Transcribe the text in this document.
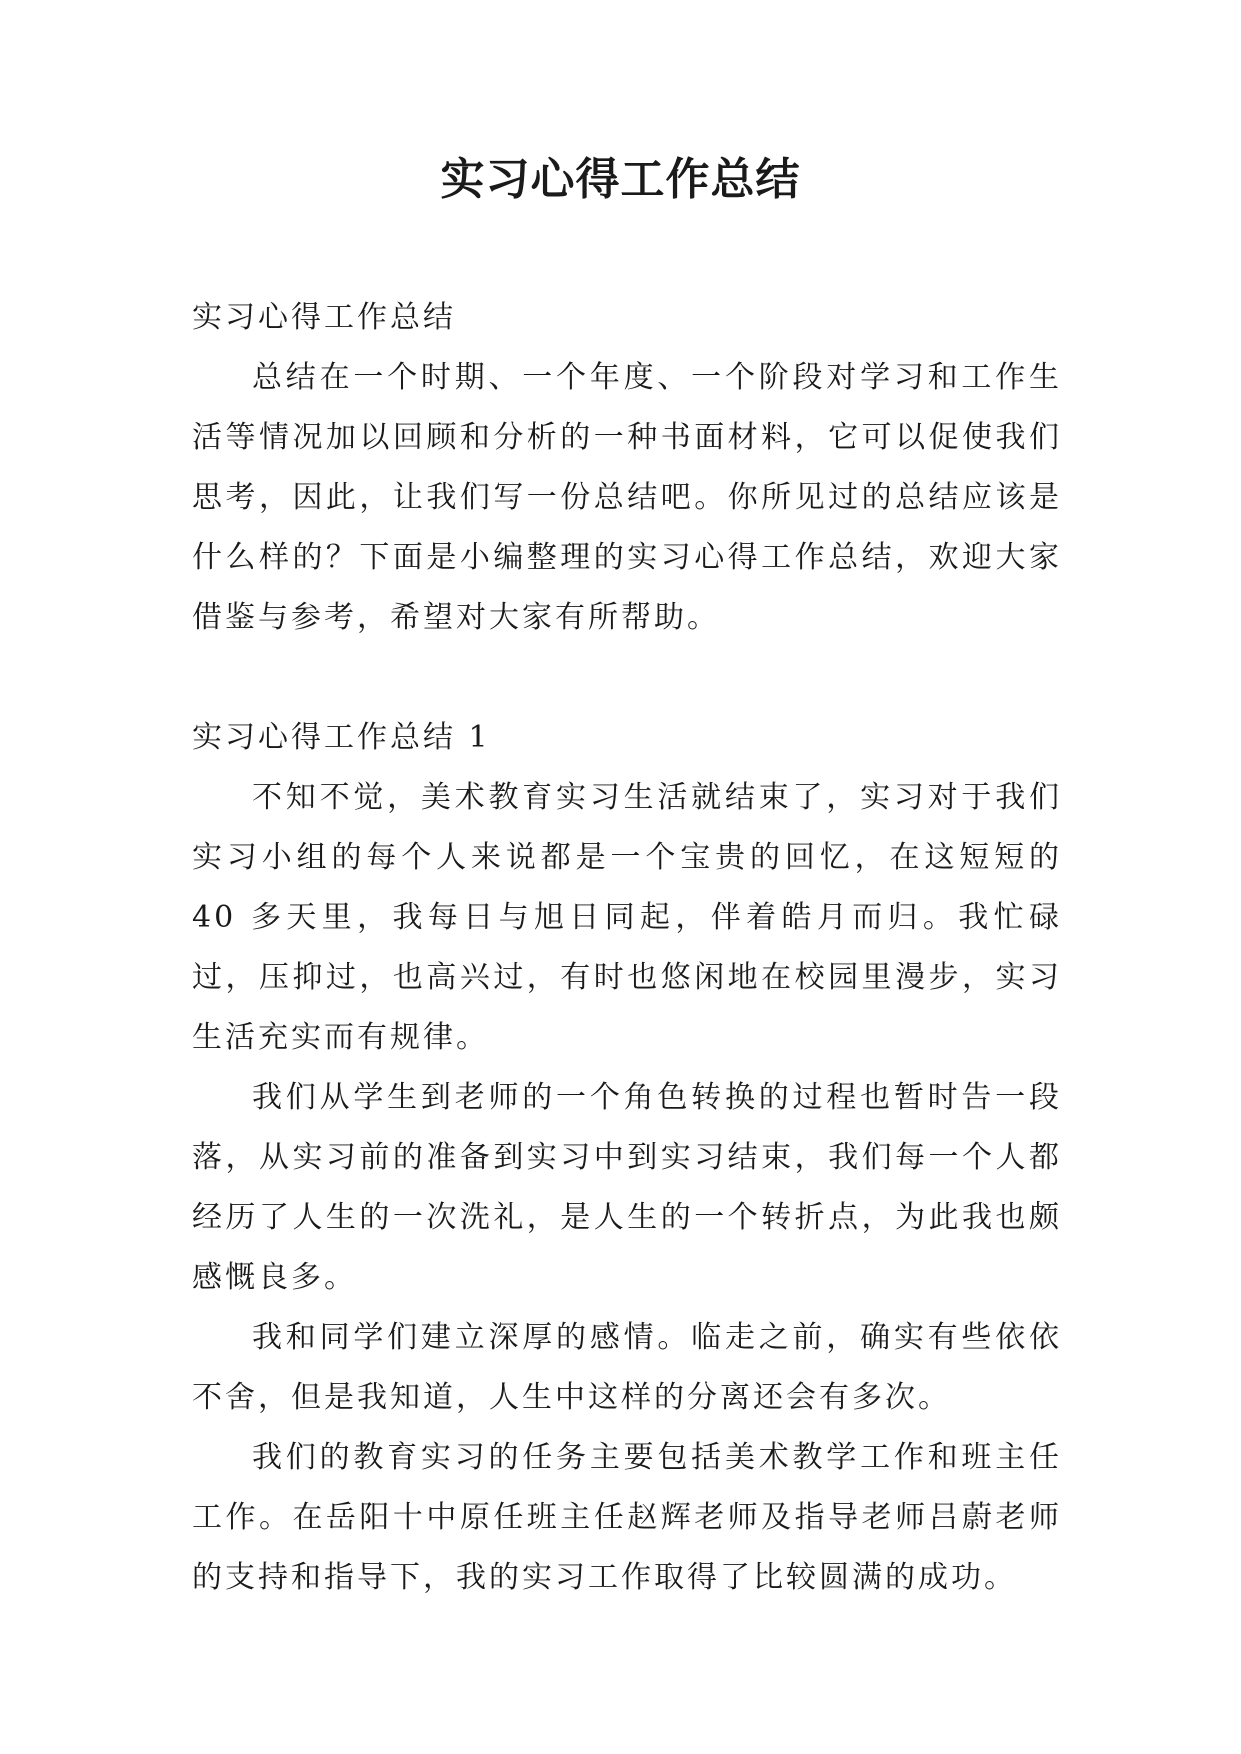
实习心得工作总结

实习心得工作总结

总结在一个时期、一个年度、一个阶段对学习和工作生活等情况加以回顾和分析的一种书面材料，它可以促使我们思考，因此，让我们写一份总结吧。你所见过的总结应该是什么样的？下面是小编整理的实习心得工作总结，欢迎大家借鉴与参考，希望对大家有所帮助。

实习心得工作总结 1

不知不觉，美术教育实习生活就结束了，实习对于我们实习小组的每个人来说都是一个宝贵的回忆，在这短短的 40 多天里，我每日与旭日同起，伴着皓月而归。我忙碌过，压抑过，也高兴过，有时也悠闲地在校园里漫步，实习生活充实而有规律。

我们从学生到老师的一个角色转换的过程也暂时告一段落，从实习前的准备到实习中到实习结束，我们每一个人都经历了人生的一次洗礼，是人生的一个转折点，为此我也颇感慨良多。

我和同学们建立深厚的感情。临走之前，确实有些依依不舍，但是我知道，人生中这样的分离还会有多次。

我们的教育实习的任务主要包括美术教学工作和班主任工作。在岳阳十中原任班主任赵辉老师及指导老师吕蔚老师的支持和指导下，我的实习工作取得了比较圆满的成功。
